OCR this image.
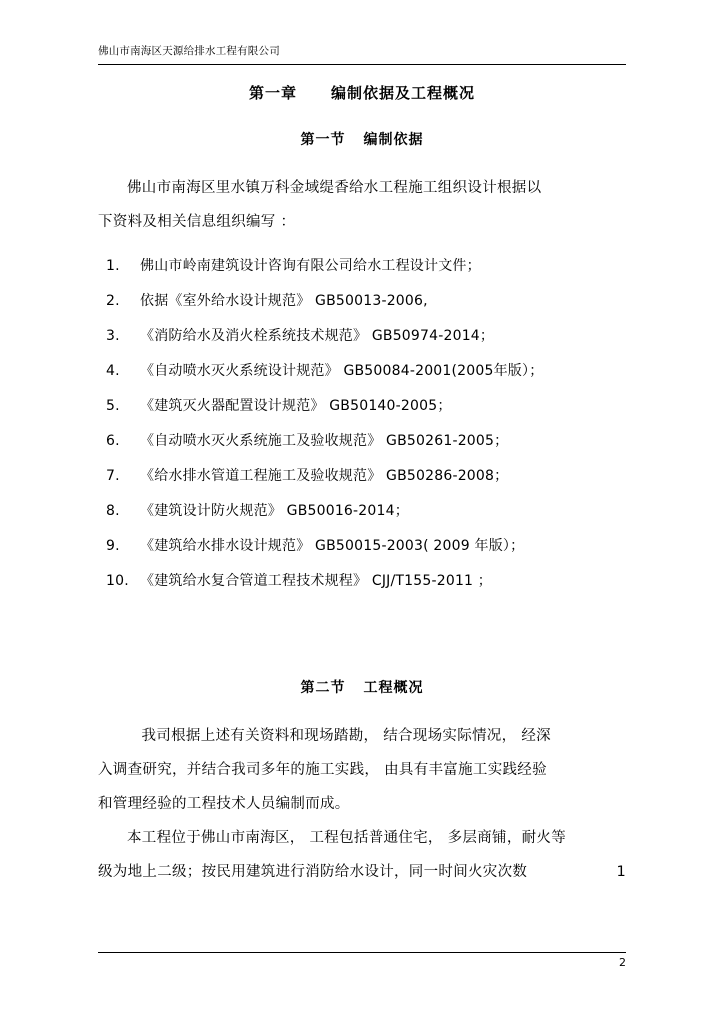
佛山市南海区天源给排水工程有限公司
第一章 编制依据及工程概况
第一节 编制依据

佛山市南海区里水镇万科金域缇香给水工程施工组织设计根据以

下资料及相关信息组织编写 ：

1.	佛山市岭南建筑设计咨询有限公司给水工程设计文件；
2.	依据《室外给水设计规范》 GB50013-2006,
3.	《消防给水及消火栓系统技术规范》 GB50974-2014；
4.	《自动喷水灭火系统设计规范》 GB50084-2001(2005年版）；
5.	《建筑灭火器配置设计规范》 GB50140-2005；
6.	《自动喷水灭火系统施工及验收规范》 GB50261-2005；
7.	《给水排水管道工程施工及验收规范》 GB50286-2008；
8.	《建筑设计防火规范》 GB50016-2014；
9.	《建筑给水排水设计规范》 GB50015-2003( 2009 年版）；
10. 《建筑给水复合管道工程技术规程》 CJJ/T155-2011 ；
第二节 工程概况

我司根据上述有关资料和现场踏勘， 结合现场实际情况， 经深

入调查研究，并结合我司多年的施工实践， 由具有丰富施工实践经验

和管理经验的工程技术人员编制而成。

本工程位于佛山市南海区， 工程包括普通住宅， 多层商铺，耐火等

级为地上二级；按民用建筑进行消防给水设计，同一时间火灾次数	1

2
